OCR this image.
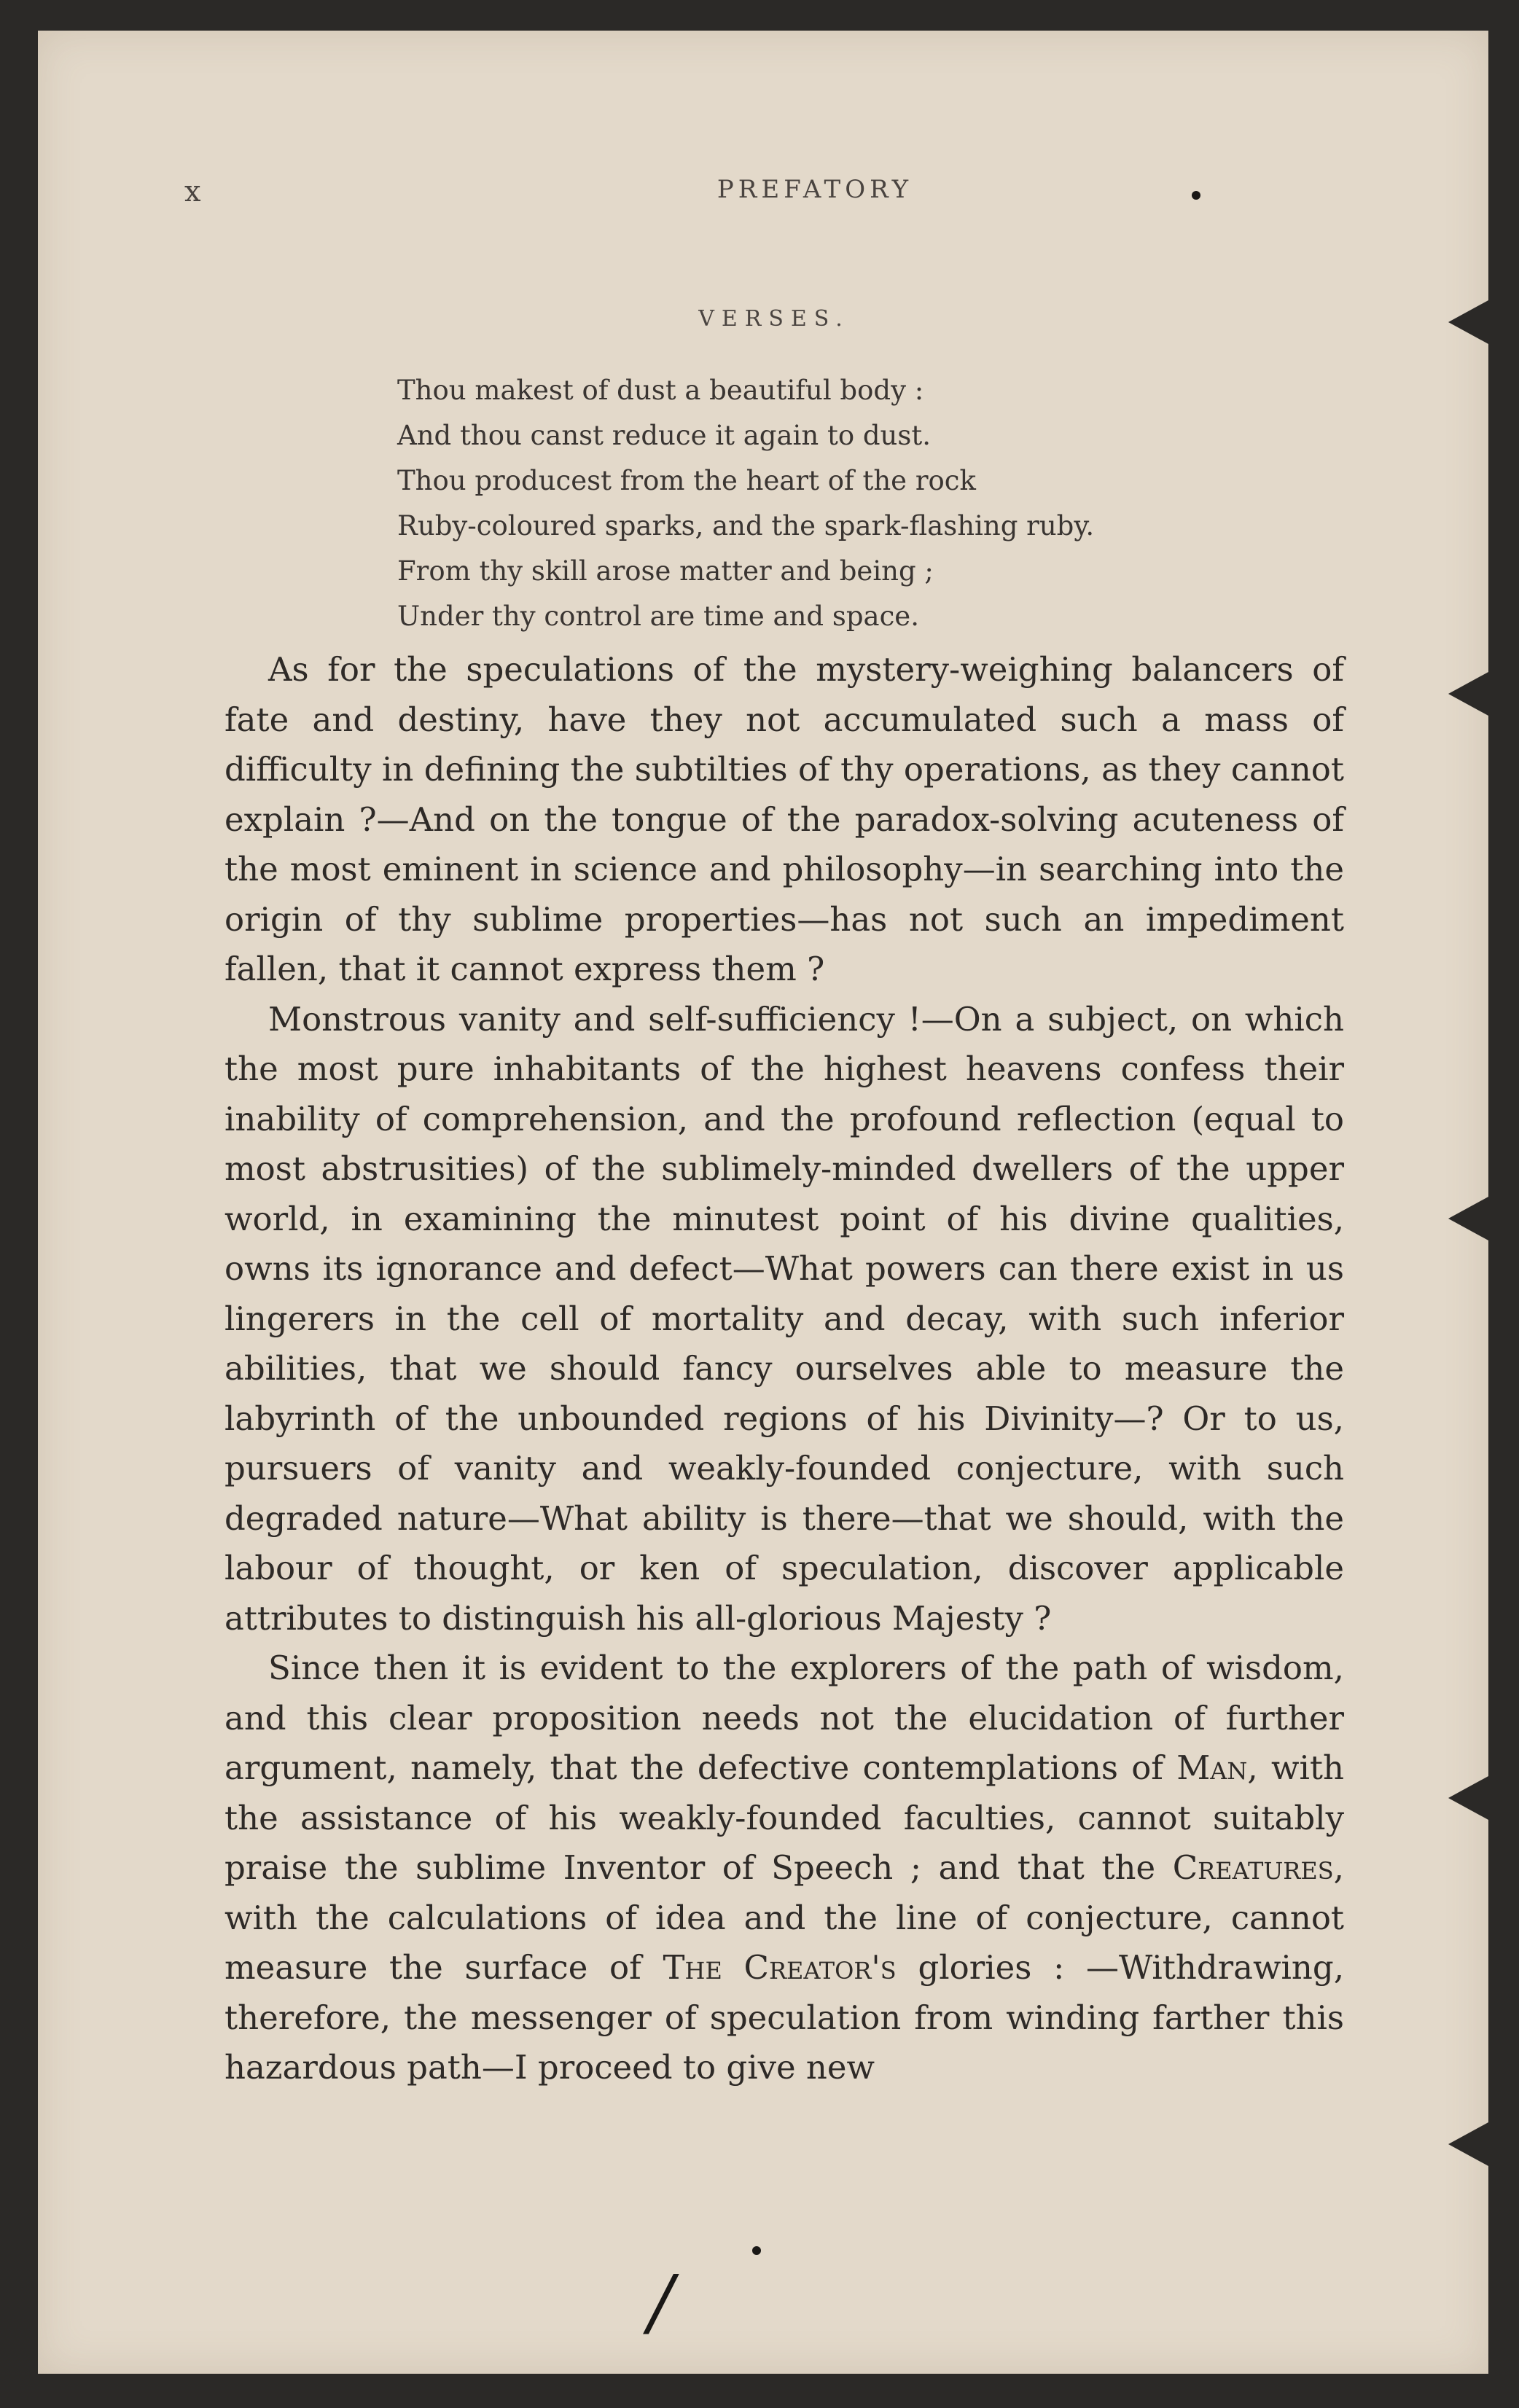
x	PREFATORY
VERSES.
Thou makest of dust a beautiful body :
And thou canst reduce it again to dust.
Thou producest from the heart of the rock
Ruby-coloured sparks, and the spark-flashing ruby.
From thy skill arose matter and being ;
Under thy control are time and space.

As for the speculations of the mystery-weighing balancers of fate and destiny, have they not accumulated such a mass of difficulty in defining the subtilties of thy operations, as they cannot explain ?—And on the tongue of the paradox-solving acuteness of the most eminent in science and philosophy—in searching into the origin of thy sublime properties—has not such an impediment fallen, that it cannot express them ?

Monstrous vanity and self-sufficiency !—On a subject, on which the most pure inhabitants of the highest heavens confess their inability of comprehension, and the profound reflection (equal to most abstrusities) of the sublimely-minded dwellers of the upper world, in examining the minutest point of his divine qualities, owns its ignorance and defect—What powers can there exist in us lingerers in the cell of mortality and decay, with such inferior abilities, that we should fancy ourselves able to measure the labyrinth of the unbounded regions of his Divinity—? Or to us, pursuers of vanity and weakly-founded conjecture, with such degraded nature—What ability is there—that we should, with the labour of thought, or ken of speculation, discover applicable attributes to distinguish his all-glorious Majesty ?

Since then it is evident to the explorers of the path of wisdom, and this clear proposition needs not the elucidation of further argument, namely, that the defective contemplations of Man, with the assistance of his weakly-founded faculties, cannot suitably praise the sublime Inventor of Speech ; and that the Creatures, with the calculations of idea and the line of conjecture, cannot measure the surface of The Creator's glories : —Withdrawing, therefore, the messenger of speculation from winding farther this hazardous path—I proceed to give new

/
